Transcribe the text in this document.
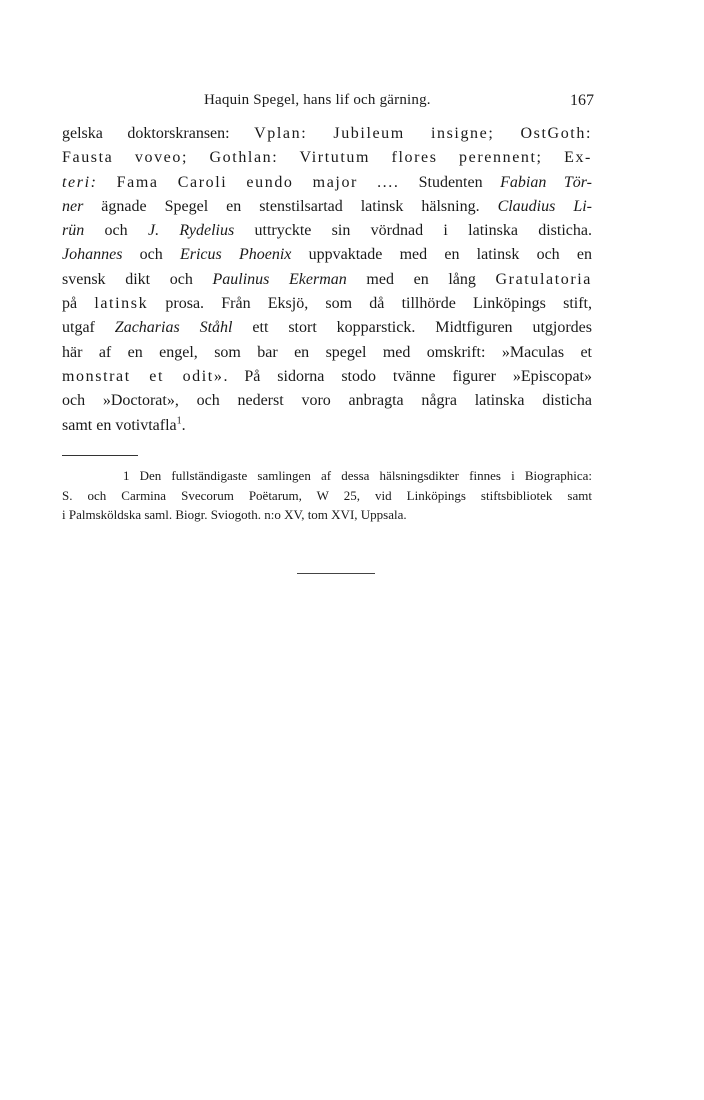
Haquin Spegel, hans lif och gärning.	167
gelska doktorskransen: Vplan: Jubileum insigne; OstGoth:
Fausta voveo; Gothlan: Virtutum flores perennent; Ex-
teri: Fama Caroli eundo major .... Studenten Fabian Tör-
ner ägnade Spegel en stenstilsartad latinsk hälsning. Claudius Li-
rün och J. Rydelius uttryckte sin vördnad i latinska disticha.
Johannes och Ericus Phoenix uppvaktade med en latinsk och en
svensk dikt och Paulinus Ekerman med en lång Gratulatoria
på latinsk prosa. Från Eksjö, som då tillhörde Linköpings stift,
utgaf Zacharias Ståhl ett stort kopparstick. Midtfiguren utgjordes
här af en engel, som bar en spegel med omskrift: »Maculas et
monstrat et odit». På sidorna stodo tvänne figurer »Episcopat»
och »Doctorat», och nederst voro anbragta några latinska disticha
samt en votivtafla$^1$.
1 Den fullständigaste samlingen af dessa hälsningsdikter finnes i Biographica:
S. och Carmina Svecorum Poëtarum, W 25, vid Linköpings stiftsbibliotek samt
i Palmsköldska saml. Biogr. Sviogoth. n:o XV, tom XVI, Uppsala.
